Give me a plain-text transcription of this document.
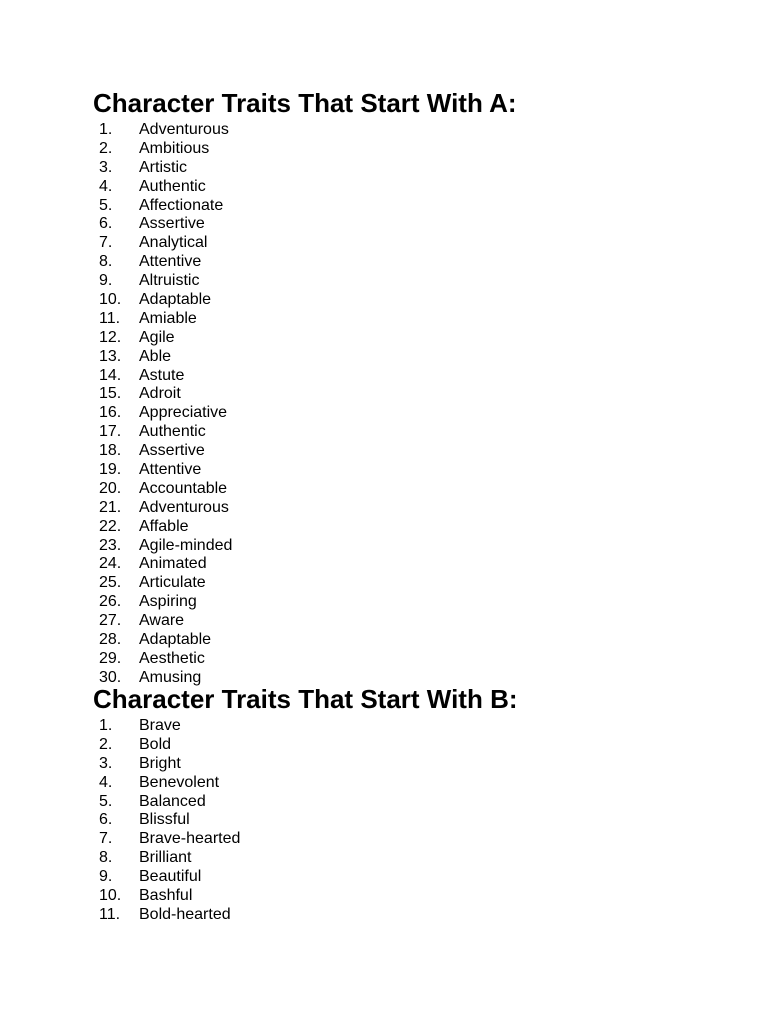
Character Traits That Start With A:
1. Adventurous
2. Ambitious
3. Artistic
4. Authentic
5. Affectionate
6. Assertive
7. Analytical
8. Attentive
9. Altruistic
10. Adaptable
11. Amiable
12. Agile
13. Able
14. Astute
15. Adroit
16. Appreciative
17. Authentic
18. Assertive
19. Attentive
20. Accountable
21. Adventurous
22. Affable
23. Agile-minded
24. Animated
25. Articulate
26. Aspiring
27. Aware
28. Adaptable
29. Aesthetic
30. Amusing
Character Traits That Start With B:
1. Brave
2. Bold
3. Bright
4. Benevolent
5. Balanced
6. Blissful
7. Brave-hearted
8. Brilliant
9. Beautiful
10. Bashful
11. Bold-hearted
